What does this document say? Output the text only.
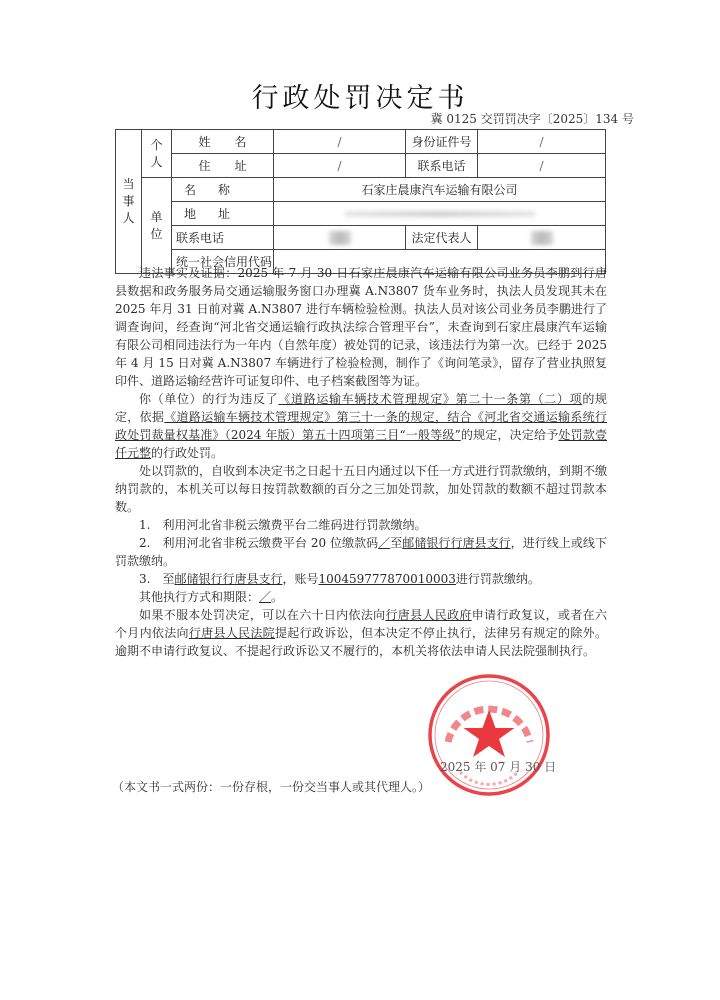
行政处罚决定书
冀 0125 交罚罚决字〔2025〕134 号
当事人	个人	姓　　名	/	身份证件号	/
		住　　址	/	联系电话	/
	单位	名称	石家庄晨康汽车运输有限公司		
		地址			
		联系电话		法定代表人	
		统一社会信用代码			

违法事实及证据：2025 年 7 月 30 日石家庄晨康汽车运输有限公司业务员李鹏到行唐县数据和政务服务局交通运输服务窗口办理冀 A.N3807 货车业务时，执法人员发现其未在 2025 年月 31 日前对冀 A.N3807 进行车辆检验检测。执法人员对该公司业务员李鹏进行了调查询问，经查询“河北省交通运输行政执法综合管理平台”，未查询到石家庄晨康汽车运输有限公司相同违法行为一年内（自然年度）被处罚的记录，该违法行为第一次。已经于 2025 年 4 月 15 日对冀 A.N3807 车辆进行了检验检测，制作了《询问笔录》，留存了营业执照复印件、道路运输经营许可证复印件、电子档案截图等为证。

你（单位）的行为违反了《道路运输车辆技术管理规定》第二十一条第（二）项的规定，依据《道路运输车辆技术管理规定》第三十一条的规定，结合《河北省交通运输系统行政处罚裁量权基准》（2024 年版）第五十四项第三目“一般等级”的规定，决定给予处罚款壹仟元整的行政处罚。

处以罚款的，自收到本决定书之日起十五日内通过以下任一方式进行罚款缴纳，到期不缴纳罚款的，本机关可以每日按罚款数额的百分之三加处罚款，加处罚款的数额不超过罚款本数。

1.　利用河北省非税云缴费平台二维码进行罚款缴纳。

2.　利用河北省非税云缴费平台 20 位缴款码／至邮储银行行唐县支行，进行线上或线下罚款缴纳。

3.　至邮储银行行唐县支行，账号100459777870010003进行罚款缴纳。

其他执行方式和期限：／。

如果不服本处罚决定，可以在六十日内依法向行唐县人民政府申请行政复议，或者在六个月内依法向行唐县人民法院提起行政诉讼，但本决定不停止执行，法律另有规定的除外。逾期不申请行政复议、不提起行政诉讼又不履行的，本机关将依法申请人民法院强制执行。

2025 年 07 月 30 日
（本文书一式两份：一份存根，一份交当事人或其代理人。）
